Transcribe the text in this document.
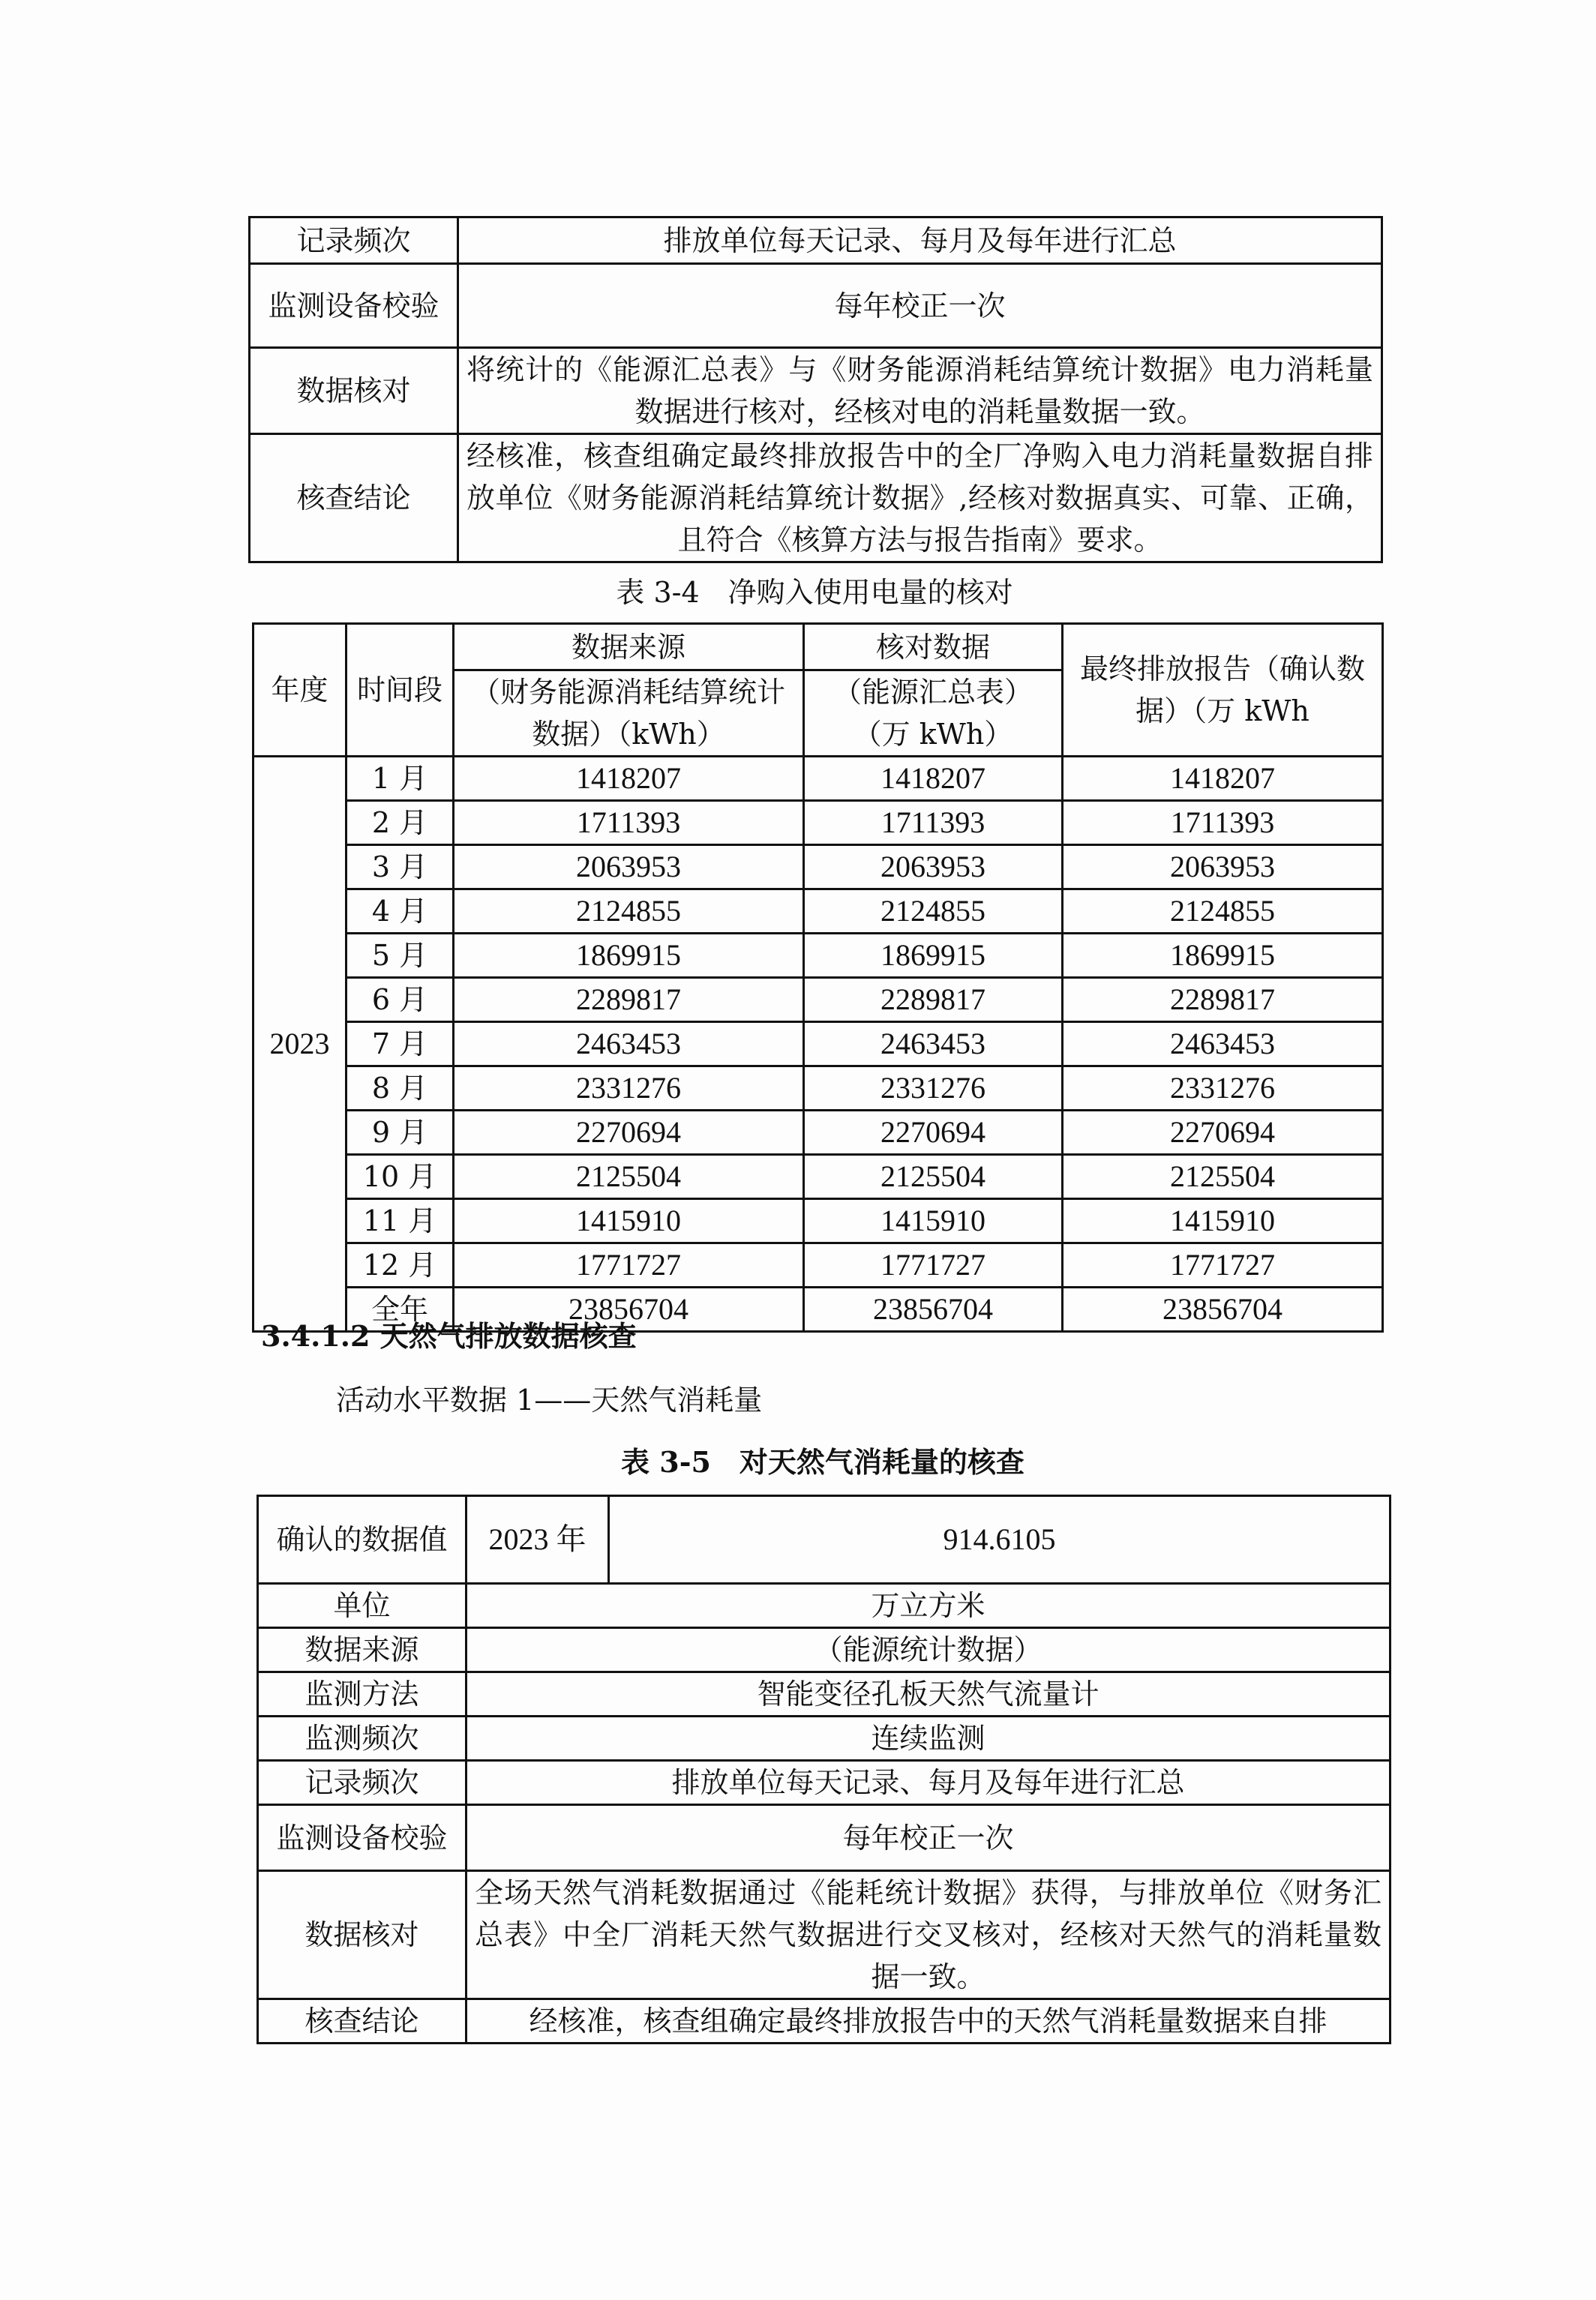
记录频次	排放单位每天记录、每月及每年进行汇总
监测设备校验	每年校正一次
数据核对	将统计的《能源汇总表》与《财务能源消耗结算统计数据》电力消耗量数据进行核对，经核对电的消耗量数据一致。
核查结论	经核准，核查组确定最终排放报告中的全厂净购入电力消耗量数据自排放单位《财务能源消耗结算统计数据》,经核对数据真实、可靠、正确，且符合《核算方法与报告指南》要求。
表 3-4　净购入使用电量的核对
年度	时间段	数据来源	核对数据	最终排放报告（确认数据）（万 kWh
		（财务能源消耗结算统计数据）（kWh）	（能源汇总表）（万 kWh）	
2023	1 月	1418207	1418207	1418207
	2 月	1711393	1711393	1711393
	3 月	2063953	2063953	2063953
	4 月	2124855	2124855	2124855
	5 月	1869915	1869915	1869915
	6 月	2289817	2289817	2289817
	7 月	2463453	2463453	2463453
	8 月	2331276	2331276	2331276
	9 月	2270694	2270694	2270694
	10 月	2125504	2125504	2125504
	11 月	1415910	1415910	1415910
	12 月	1771727	1771727	1771727
	全年	23856704	23856704	23856704
3.4.1.2 天然气排放数据核查
活动水平数据 1——天然气消耗量
表 3-5　对天然气消耗量的核查
确认的数据值	2023 年	914.6105
单位	万立方米	
数据来源	（能源统计数据）	
监测方法	智能变径孔板天然气流量计	
监测频次	连续监测	
记录频次	排放单位每天记录、每月及每年进行汇总	
监测设备校验	每年校正一次	
数据核对	全场天然气消耗数据通过《能耗统计数据》获得，与排放单位《财务汇总表》中全厂消耗天然气数据进行交叉核对，经核对天然气的消耗量数据一致。	
核查结论	经核准，核查组确定最终排放报告中的天然气消耗量数据来自排	
